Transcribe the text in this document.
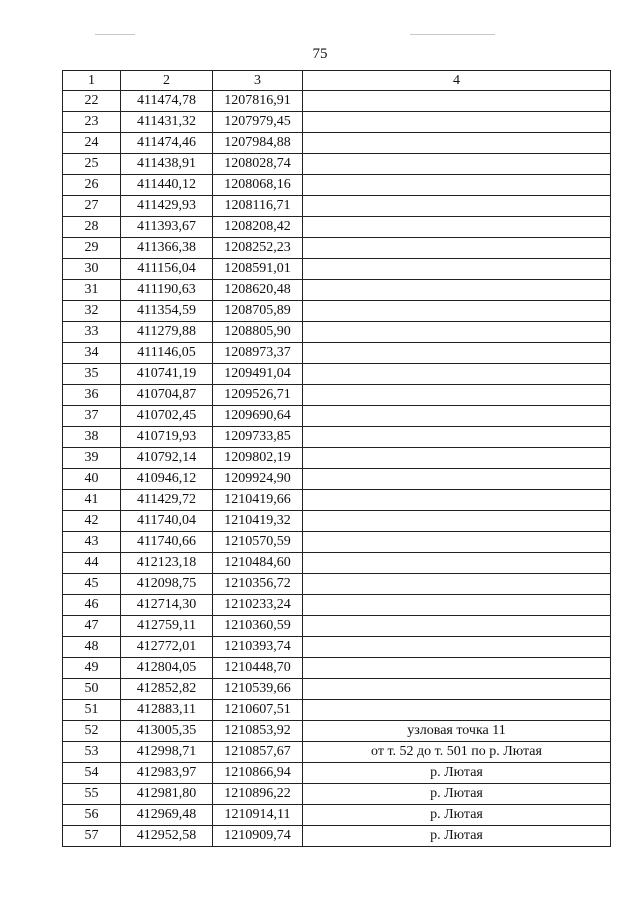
75
1	2	3	4
22	411474,78	1207816,91	
23	411431,32	1207979,45	
24	411474,46	1207984,88	
25	411438,91	1208028,74	
26	411440,12	1208068,16	
27	411429,93	1208116,71	
28	411393,67	1208208,42	
29	411366,38	1208252,23	
30	411156,04	1208591,01	
31	411190,63	1208620,48	
32	411354,59	1208705,89	
33	411279,88	1208805,90	
34	411146,05	1208973,37	
35	410741,19	1209491,04	
36	410704,87	1209526,71	
37	410702,45	1209690,64	
38	410719,93	1209733,85	
39	410792,14	1209802,19	
40	410946,12	1209924,90	
41	411429,72	1210419,66	
42	411740,04	1210419,32	
43	411740,66	1210570,59	
44	412123,18	1210484,60	
45	412098,75	1210356,72	
46	412714,30	1210233,24	
47	412759,11	1210360,59	
48	412772,01	1210393,74	
49	412804,05	1210448,70	
50	412852,82	1210539,66	
51	412883,11	1210607,51	
52	413005,35	1210853,92	узловая точка 11
53	412998,71	1210857,67	от т. 52 до т. 501 по р. Лютая
54	412983,97	1210866,94	р. Лютая
55	412981,80	1210896,22	р. Лютая
56	412969,48	1210914,11	р. Лютая
57	412952,58	1210909,74	р. Лютая
